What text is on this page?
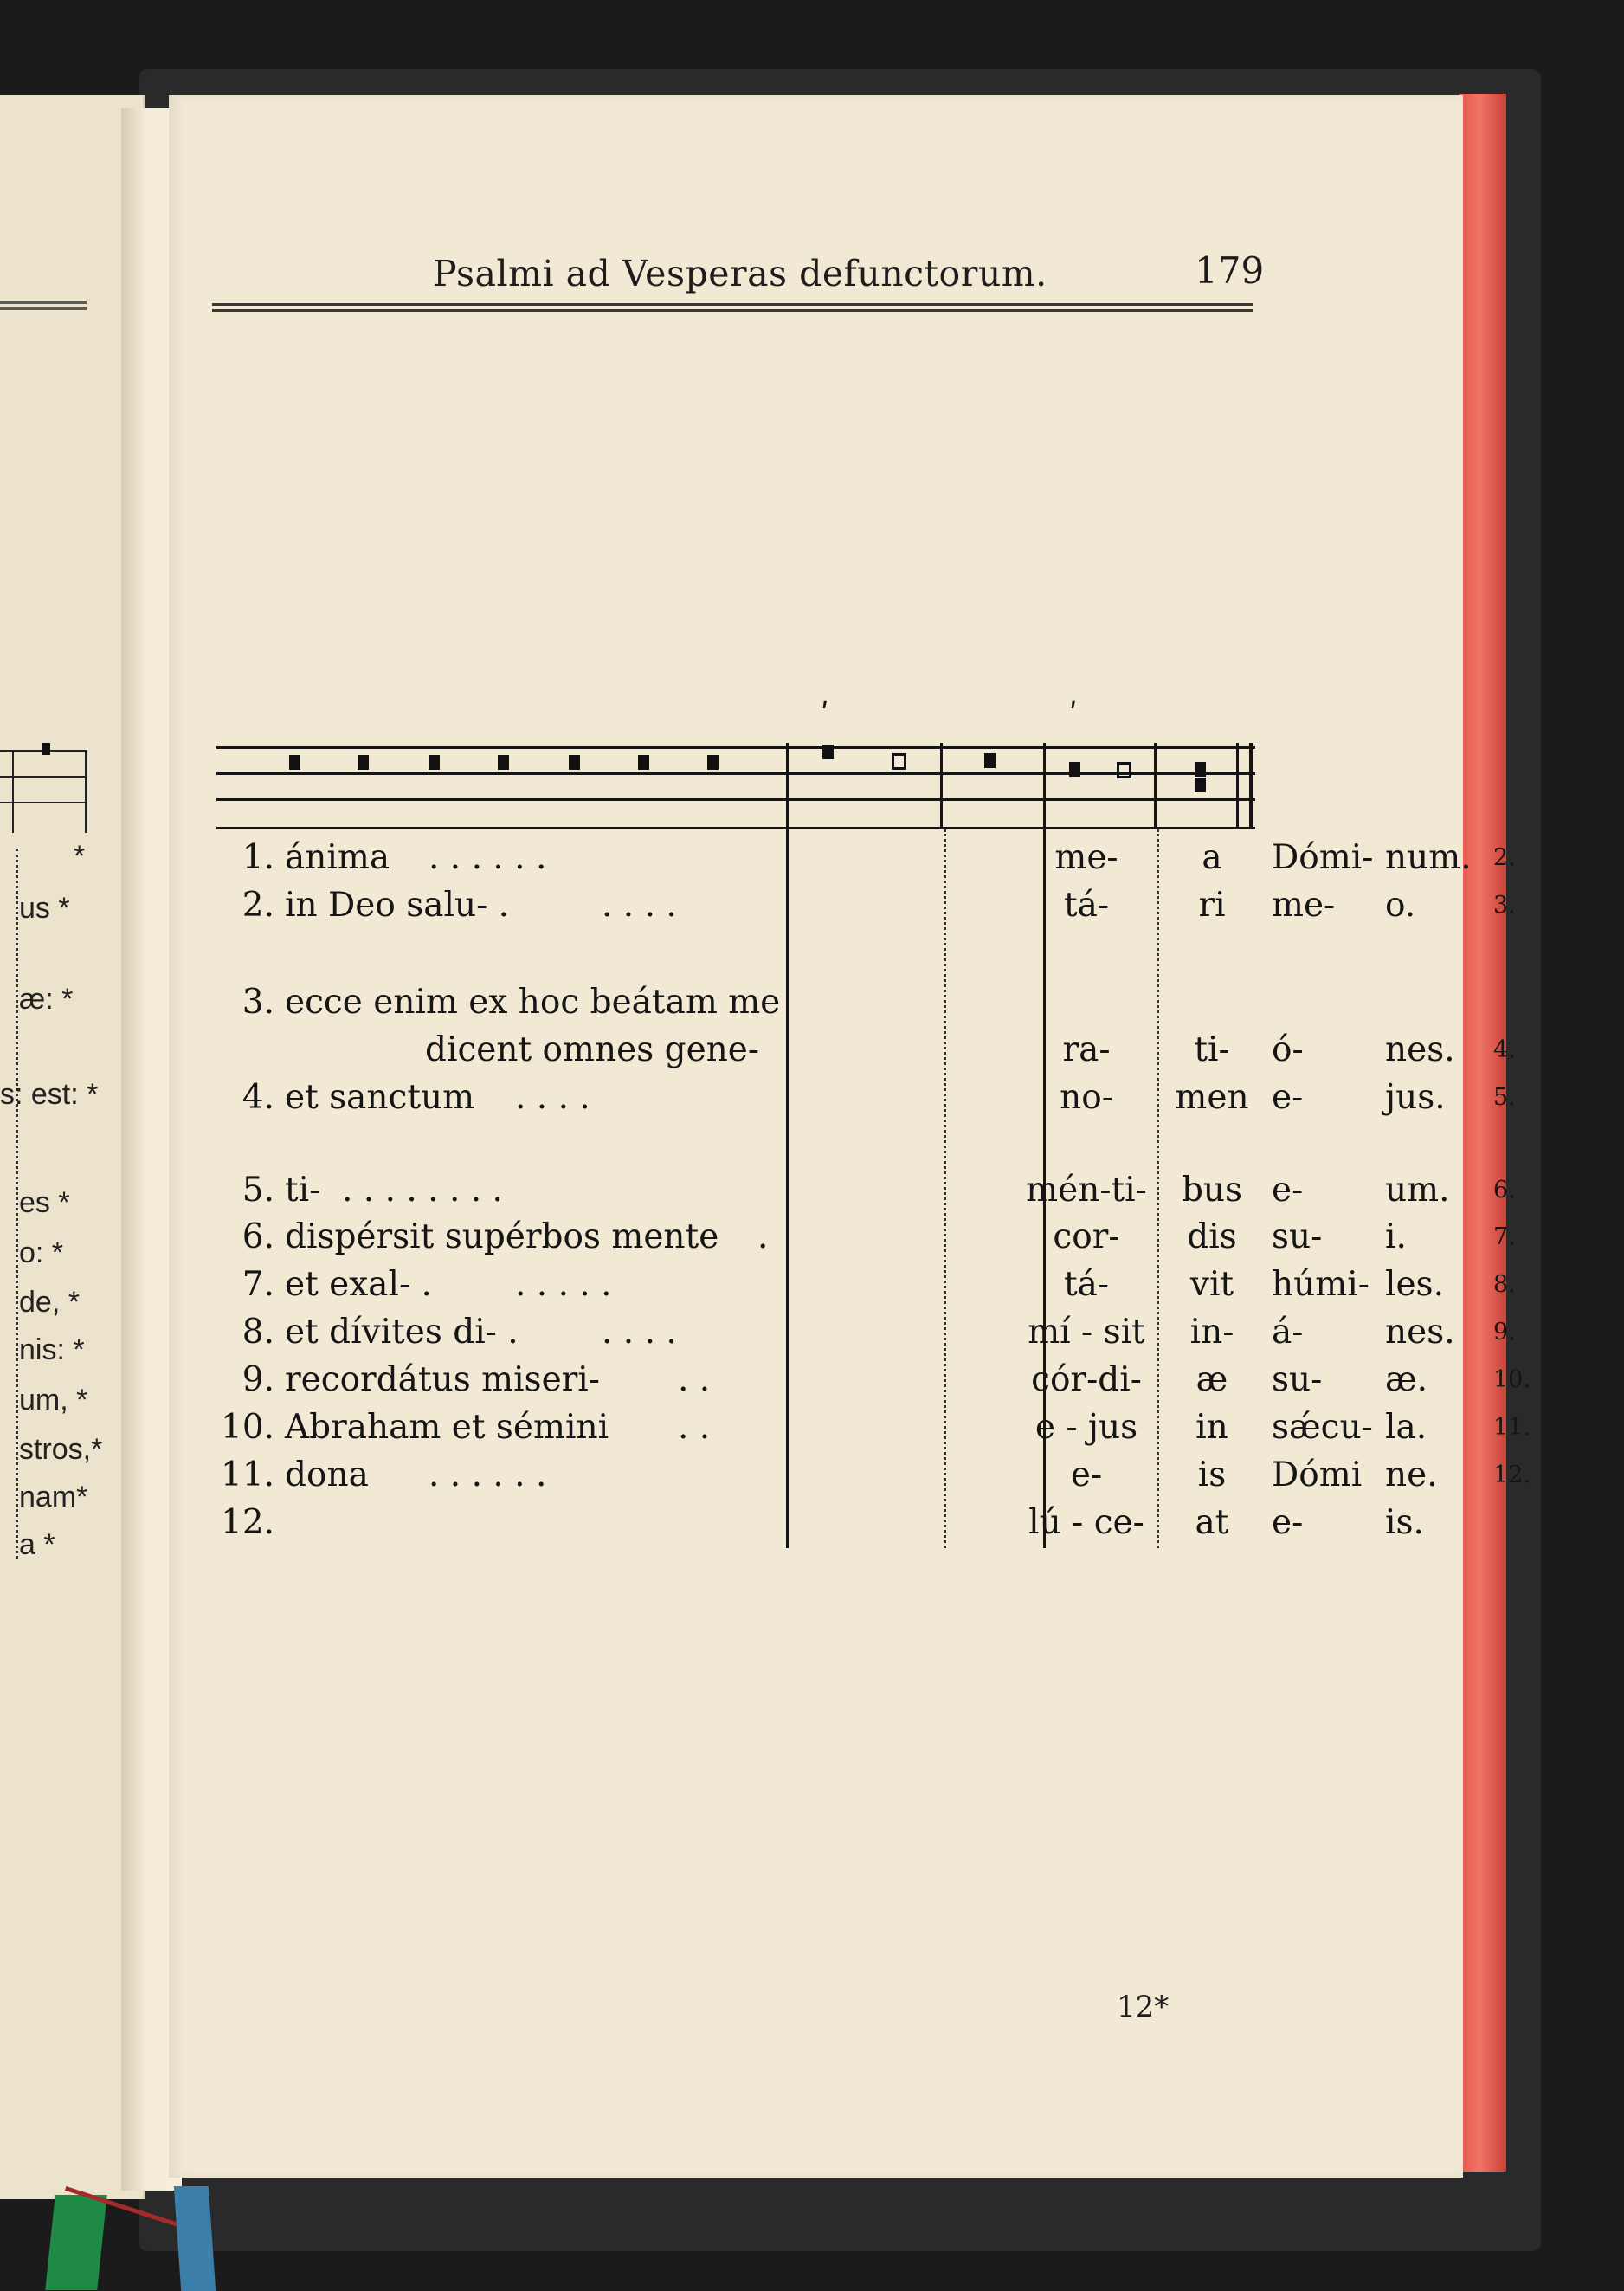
*
us *
æ: *
s: est: *
es *
o: *
de, *
nis: *
um, *
stros,*
nam*
a *
Psalmi ad Vesperas defunctorum.	179
ʹ	ʹ
1. ánima . . . . . .	me-	a	Dómi- num. 2.
2. in Deo salu- .	. . . .	tá-	ri	me- o.	3.
3. ecce enim ex hoc beátam me
dicent omnes gene-	ra-	ti-	ó- nes. 4.
4. et sanctum . . . .	no-	men e- jus. 5.
5. ti- . . . . . . . .	mén-ti-	bus e- um. 6.
6. dispérsit supérbos mente .	cor-	dis	su- i.	7.
7. et exal- . . . . . .	tá-	vit	húmi- les. 8.
8. et dívites di- . . . . .	mí - sit	in-	á- nes. 9.
9. recordátus miseri- . .	cór-di-	æ	su- æ.	10.
10. Abraham et sémini . .	e - jus	in	sǽcu- la.	11.
11. dona . . . . . .	e-	is	Dómi ne. 12.
12.	lú - ce-	at	e- is.
12*
